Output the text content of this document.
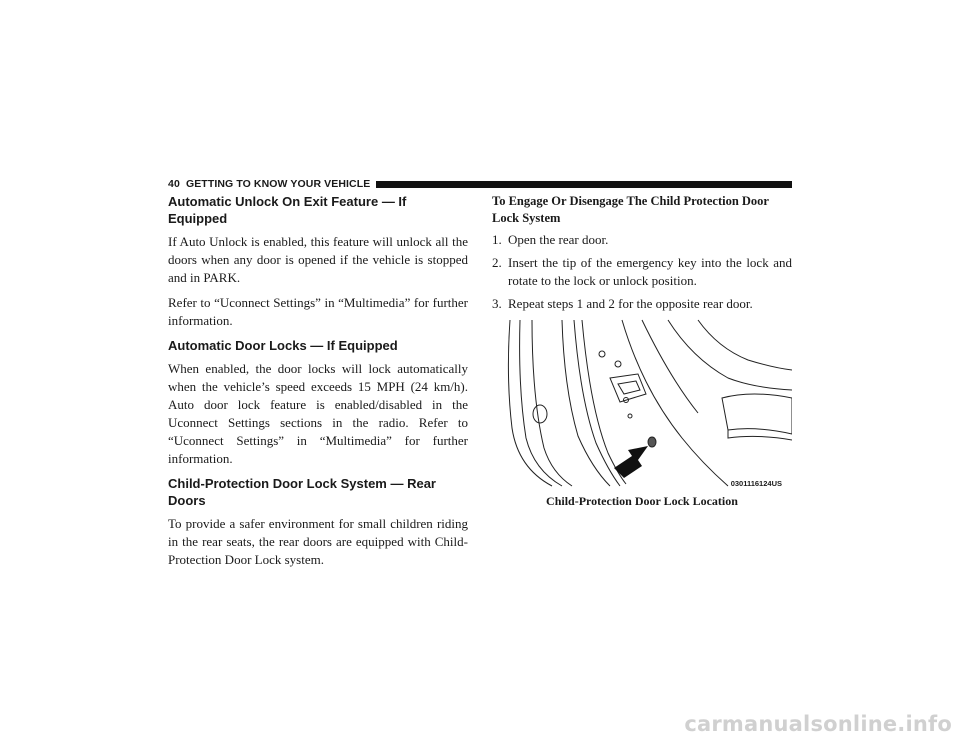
40 GETTING TO KNOW YOUR VEHICLE
Automatic Unlock On Exit Feature — If Equipped

If Auto Unlock is enabled, this feature will unlock all the doors when any door is opened if the vehicle is stopped and in PARK.

Refer to “Uconnect Settings” in “Multimedia” for further information.

Automatic Door Locks — If Equipped

When enabled, the door locks will lock automatically when the vehicle’s speed exceeds 15 MPH (24 km/h). Auto door lock feature is enabled/disabled in the Uconnect Settings sections in the radio. Refer to “Uconnect Settings” in “Multimedia” for further information.

Child-Protection Door Lock System — Rear Doors

To provide a safer environment for small children riding in the rear seats, the rear doors are equipped with Child-Protection Door Lock system.

To Engage Or Disengage The Child Protection Door Lock System
1. Open the rear door.
2. Insert the tip of the emergency key into the lock and rotate to the lock or unlock position.
3. Repeat steps 1 and 2 for the opposite rear door.
0301116124US
Child-Protection Door Lock Location
carmanualsonline.info
